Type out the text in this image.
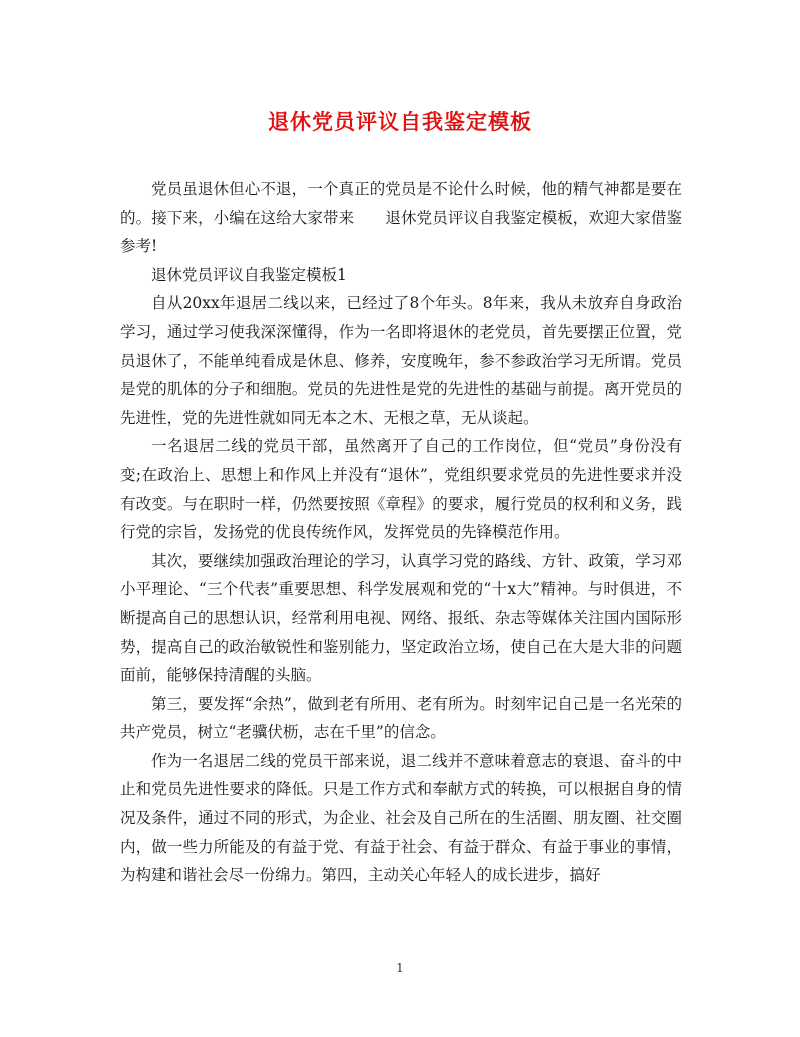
退休党员评议自我鉴定模板

党员虽退休但心不退，一个真正的党员是不论什么时候，他的精气神都是要在的。接下来，小编在这给大家带来　　退休党员评议自我鉴定模板，欢迎大家借鉴参考!

退休党员评议自我鉴定模板1

自从20xx年退居二线以来，已经过了8个年头。8年来，我从未放弃自身政治学习，通过学习使我深深懂得，作为一名即将退休的老党员，首先要摆正位置，党员退休了，不能单纯看成是休息、修养，安度晚年，参不参政治学习无所谓。党员是党的肌体的分子和细胞。党员的先进性是党的先进性的基础与前提。离开党员的先进性，党的先进性就如同无本之木、无根之草，无从谈起。

一名退居二线的党员干部，虽然离开了自己的工作岗位，但“党员”身份没有变;在政治上、思想上和作风上并没有“退休”，党组织要求党员的先进性要求并没有改变。与在职时一样，仍然要按照《章程》的要求，履行党员的权利和义务，践行党的宗旨，发扬党的优良传统作风，发挥党员的先锋模范作用。

其次，要继续加强政治理论的学习，认真学习党的路线、方针、政策，学习邓小平理论、“三个代表”重要思想、科学发展观和党的“十x大”精神。与时俱进，不断提高自己的思想认识，经常利用电视、网络、报纸、杂志等媒体关注国内国际形势，提高自己的政治敏锐性和鉴别能力，坚定政治立场，使自己在大是大非的问题面前，能够保持清醒的头脑。

第三，要发挥“余热”，做到老有所用、老有所为。时刻牢记自己是一名光荣的共产党员，树立“老骥伏枥，志在千里”的信念。

作为一名退居二线的党员干部来说，退二线并不意味着意志的衰退、奋斗的中止和党员先进性要求的降低。只是工作方式和奉献方式的转换，可以根据自身的情况及条件，通过不同的形式，为企业、社会及自己所在的生活圈、朋友圈、社交圈内，做一些力所能及的有益于党、有益于社会、有益于群众、有益于事业的事情，为构建和谐社会尽一份绵力。第四，主动关心年轻人的成长进步，搞好

1
